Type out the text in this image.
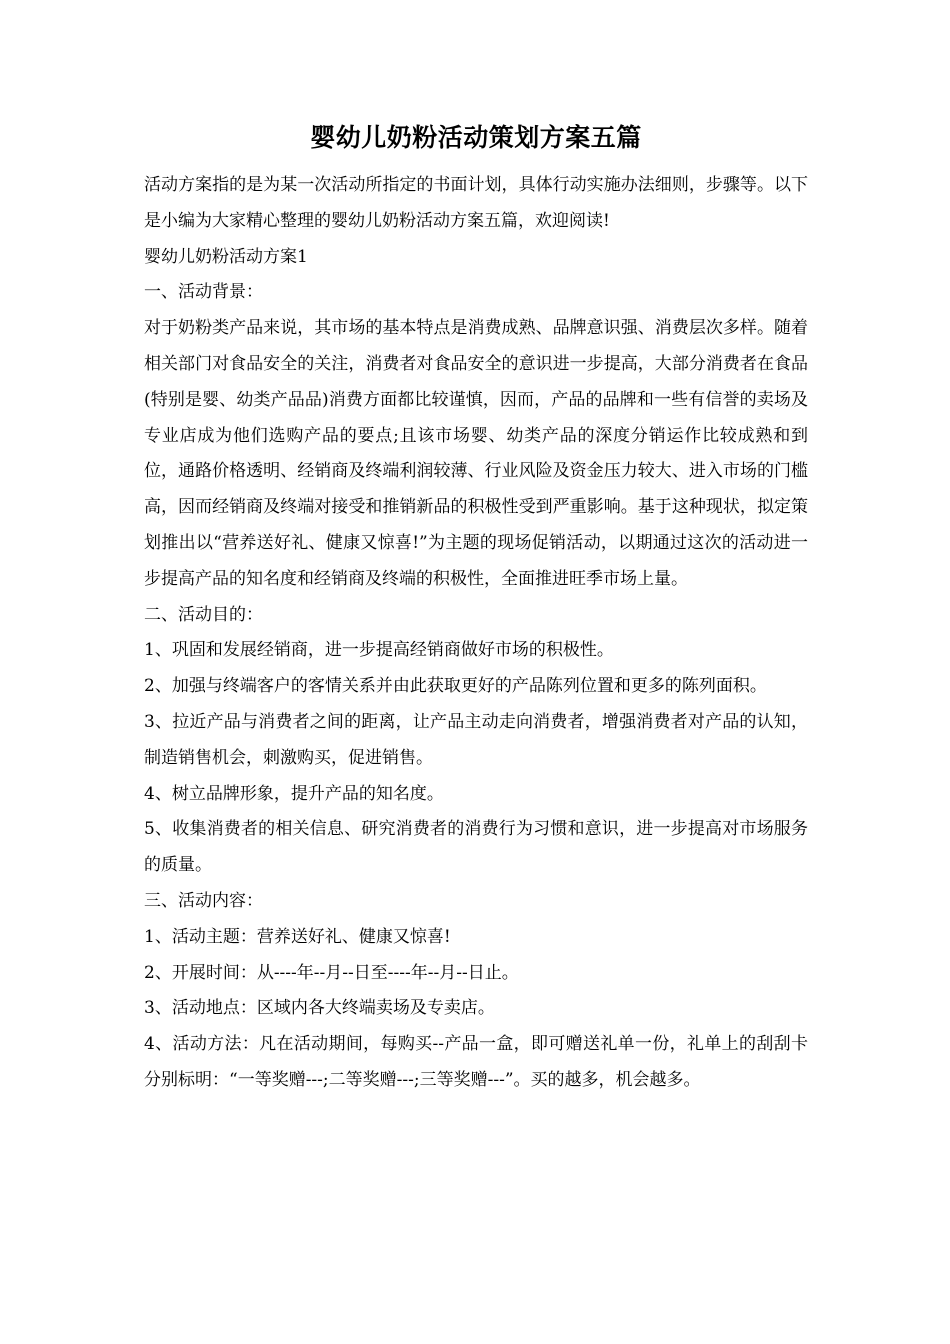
婴幼儿奶粉活动策划方案五篇

活动方案指的是为某一次活动所指定的书面计划，具体行动实施办法细则，步骤等。以下是小编为大家精心整理的婴幼儿奶粉活动方案五篇，欢迎阅读!

婴幼儿奶粉活动方案1

一、活动背景：

对于奶粉类产品来说，其市场的基本特点是消费成熟、品牌意识强、消费层次多样。随着相关部门对食品安全的关注，消费者对食品安全的意识进一步提高，大部分消费者在食品(特别是婴、幼类产品品)消费方面都比较谨慎，因而，产品的品牌和一些有信誉的卖场及专业店成为他们选购产品的要点;且该市场婴、幼类产品的深度分销运作比较成熟和到位，通路价格透明、经销商及终端利润较薄、行业风险及资金压力较大、进入市场的门槛高，因而经销商及终端对接受和推销新品的积极性受到严重影响。基于这种现状，拟定策划推出以“营养送好礼、健康又惊喜!”为主题的现场促销活动，以期通过这次的活动进一步提高产品的知名度和经销商及终端的积极性，全面推进旺季市场上量。

二、活动目的：

1、巩固和发展经销商，进一步提高经销商做好市场的积极性。

2、加强与终端客户的客情关系并由此获取更好的产品陈列位置和更多的陈列面积。

3、拉近产品与消费者之间的距离，让产品主动走向消费者，增强消费者对产品的认知，制造销售机会，刺激购买，促进销售。

4、树立品牌形象，提升产品的知名度。

5、收集消费者的相关信息、研究消费者的消费行为习惯和意识，进一步提高对市场服务的质量。

三、活动内容：

1、活动主题：营养送好礼、健康又惊喜!

2、开展时间：从----年--月--日至----年--月--日止。

3、活动地点：区域内各大终端卖场及专卖店。

4、活动方法：凡在活动期间，每购买--产品一盒，即可赠送礼单一份，礼单上的刮刮卡分别标明：“一等奖赠---;二等奖赠---;三等奖赠---”。买的越多，机会越多。
